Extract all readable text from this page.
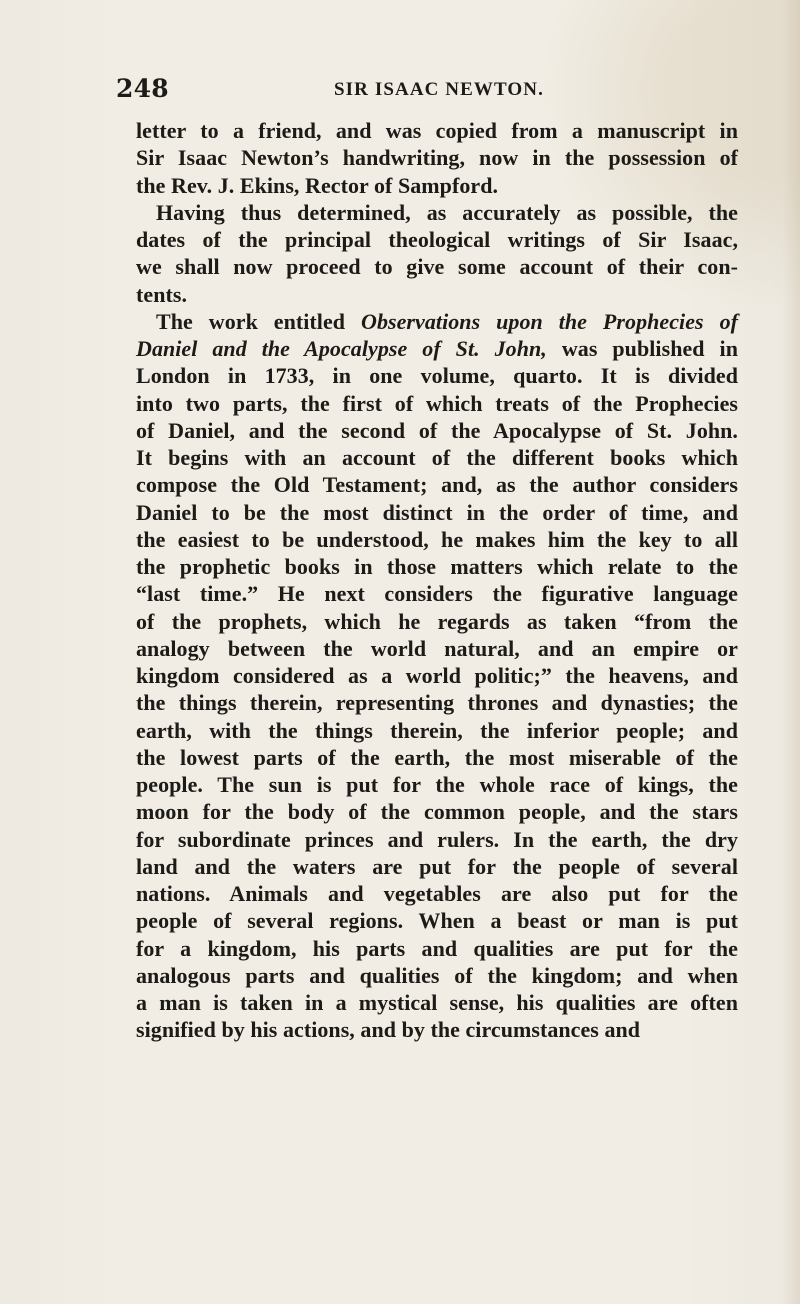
248	SIR ISAAC NEWTON.
letter to a friend, and was copied from a manuscript in
Sir Isaac Newton’s handwriting, now in the possession of
the Rev. J. Ekins, Rector of Sampford.
Having thus determined, as accurately as possible, the
dates of the principal theological writings of Sir Isaac,
we shall now proceed to give some account of their con-
tents.
The work entitled Observations upon the Prophecies of
Daniel and the Apocalypse of St. John, was published in
London in 1733, in one volume, quarto. It is divided
into two parts, the first of which treats of the Prophecies
of Daniel, and the second of the Apocalypse of St. John.
It begins with an account of the different books which
compose the Old Testament; and, as the author considers
Daniel to be the most distinct in the order of time, and
the easiest to be understood, he makes him the key to all
the prophetic books in those matters which relate to the
“last time.” He next considers the figurative language
of the prophets, which he regards as taken “from the
analogy between the world natural, and an empire or
kingdom considered as a world politic;” the heavens, and
the things therein, representing thrones and dynasties; the
earth, with the things therein, the inferior people; and
the lowest parts of the earth, the most miserable of the
people. The sun is put for the whole race of kings, the
moon for the body of the common people, and the stars
for subordinate princes and rulers. In the earth, the dry
land and the waters are put for the people of several
nations. Animals and vegetables are also put for the
people of several regions. When a beast or man is put
for a kingdom, his parts and qualities are put for the
analogous parts and qualities of the kingdom; and when
a man is taken in a mystical sense, his qualities are often
signified by his actions, and by the circumstances and
